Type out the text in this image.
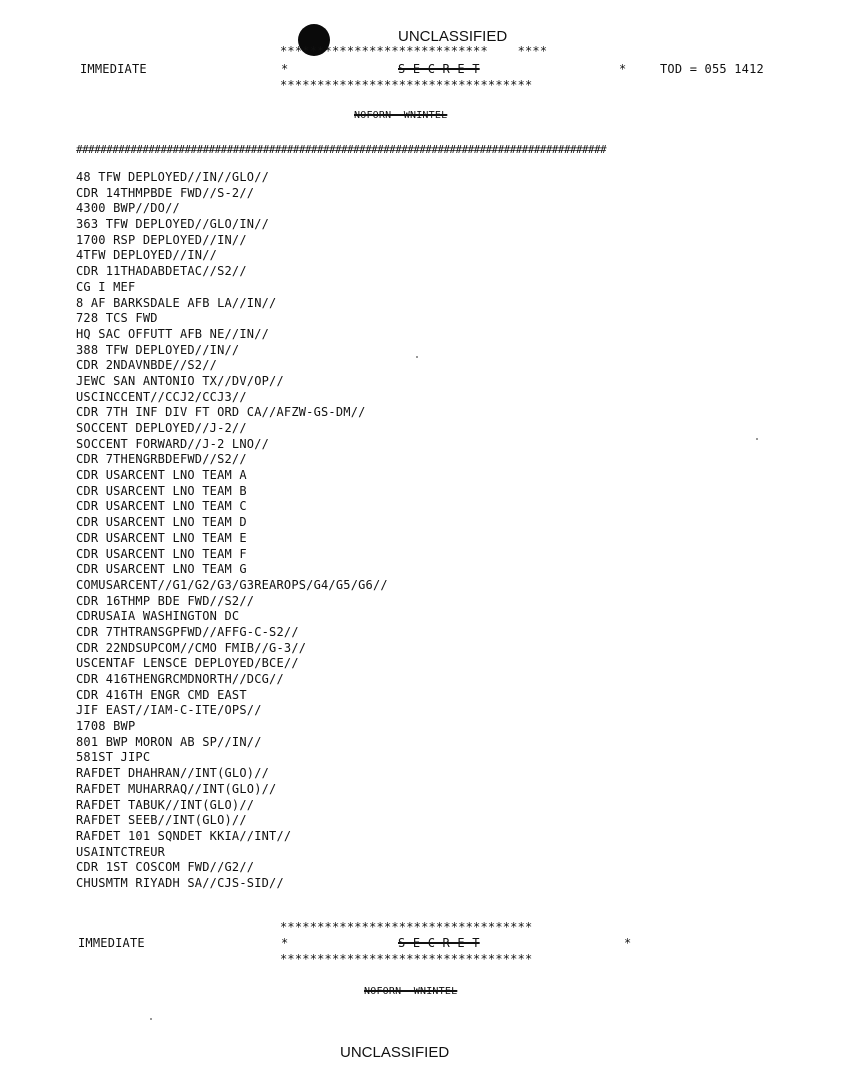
UNCLASSIFIED
****************************    ****
IMMEDIATE	*	S E C R E T	*	TOD = 055 1412
**********************************
NOFORN  WNINTEL
########################################################################################
48 TFW DEPLOYED//IN//GLO//
CDR 14THMPBDE FWD//S-2//
4300 BWP//DO//
363 TFW DEPLOYED//GLO/IN//
1700 RSP DEPLOYED//IN//
4TFW DEPLOYED//IN//
CDR 11THADABDETAC//S2//
CG I MEF
8 AF BARKSDALE AFB LA//IN//
728 TCS FWD
HQ SAC OFFUTT AFB NE//IN//
388 TFW DEPLOYED//IN//
CDR 2NDAVNBDE//S2//
JEWC SAN ANTONIO TX//DV/OP//
USCINCCENT//CCJ2/CCJ3//
CDR 7TH INF DIV FT ORD CA//AFZW-GS-DM//
SOCCENT DEPLOYED//J-2//
SOCCENT FORWARD//J-2 LNO//
CDR 7THENGRBDEFWD//S2//
CDR USARCENT LNO TEAM A
CDR USARCENT LNO TEAM B
CDR USARCENT LNO TEAM C
CDR USARCENT LNO TEAM D
CDR USARCENT LNO TEAM E
CDR USARCENT LNO TEAM F
CDR USARCENT LNO TEAM G
COMUSARCENT//G1/G2/G3/G3REAROPS/G4/G5/G6//
CDR 16THMP BDE FWD//S2//
CDRUSAIA WASHINGTON DC
CDR 7THTRANSGPFWD//AFFG-C-S2//
CDR 22NDSUPCOM//CMO FMIB//G-3//
USCENTAF LENSCE DEPLOYED/BCE//
CDR 416THENGRCMDNORTH//DCG//
CDR 416TH ENGR CMD EAST
JIF EAST//IAM-C-ITE/OPS//
1708 BWP
801 BWP MORON AB SP//IN//
581ST JIPC
RAFDET DHAHRAN//INT(GLO)//
RAFDET MUHARRAQ//INT(GLO)//
RAFDET TABUK//INT(GLO)//
RAFDET SEEB//INT(GLO)//
RAFDET 101 SQNDET KKIA//INT//
USAINTCTREUR
CDR 1ST COSCOM FWD//G2//
CHUSMTM RIYADH SA//CJS-SID//
**********************************
IMMEDIATE	*	S E C R E T	*
**********************************
NOFORN  WNINTEL
UNCLASSIFIED
